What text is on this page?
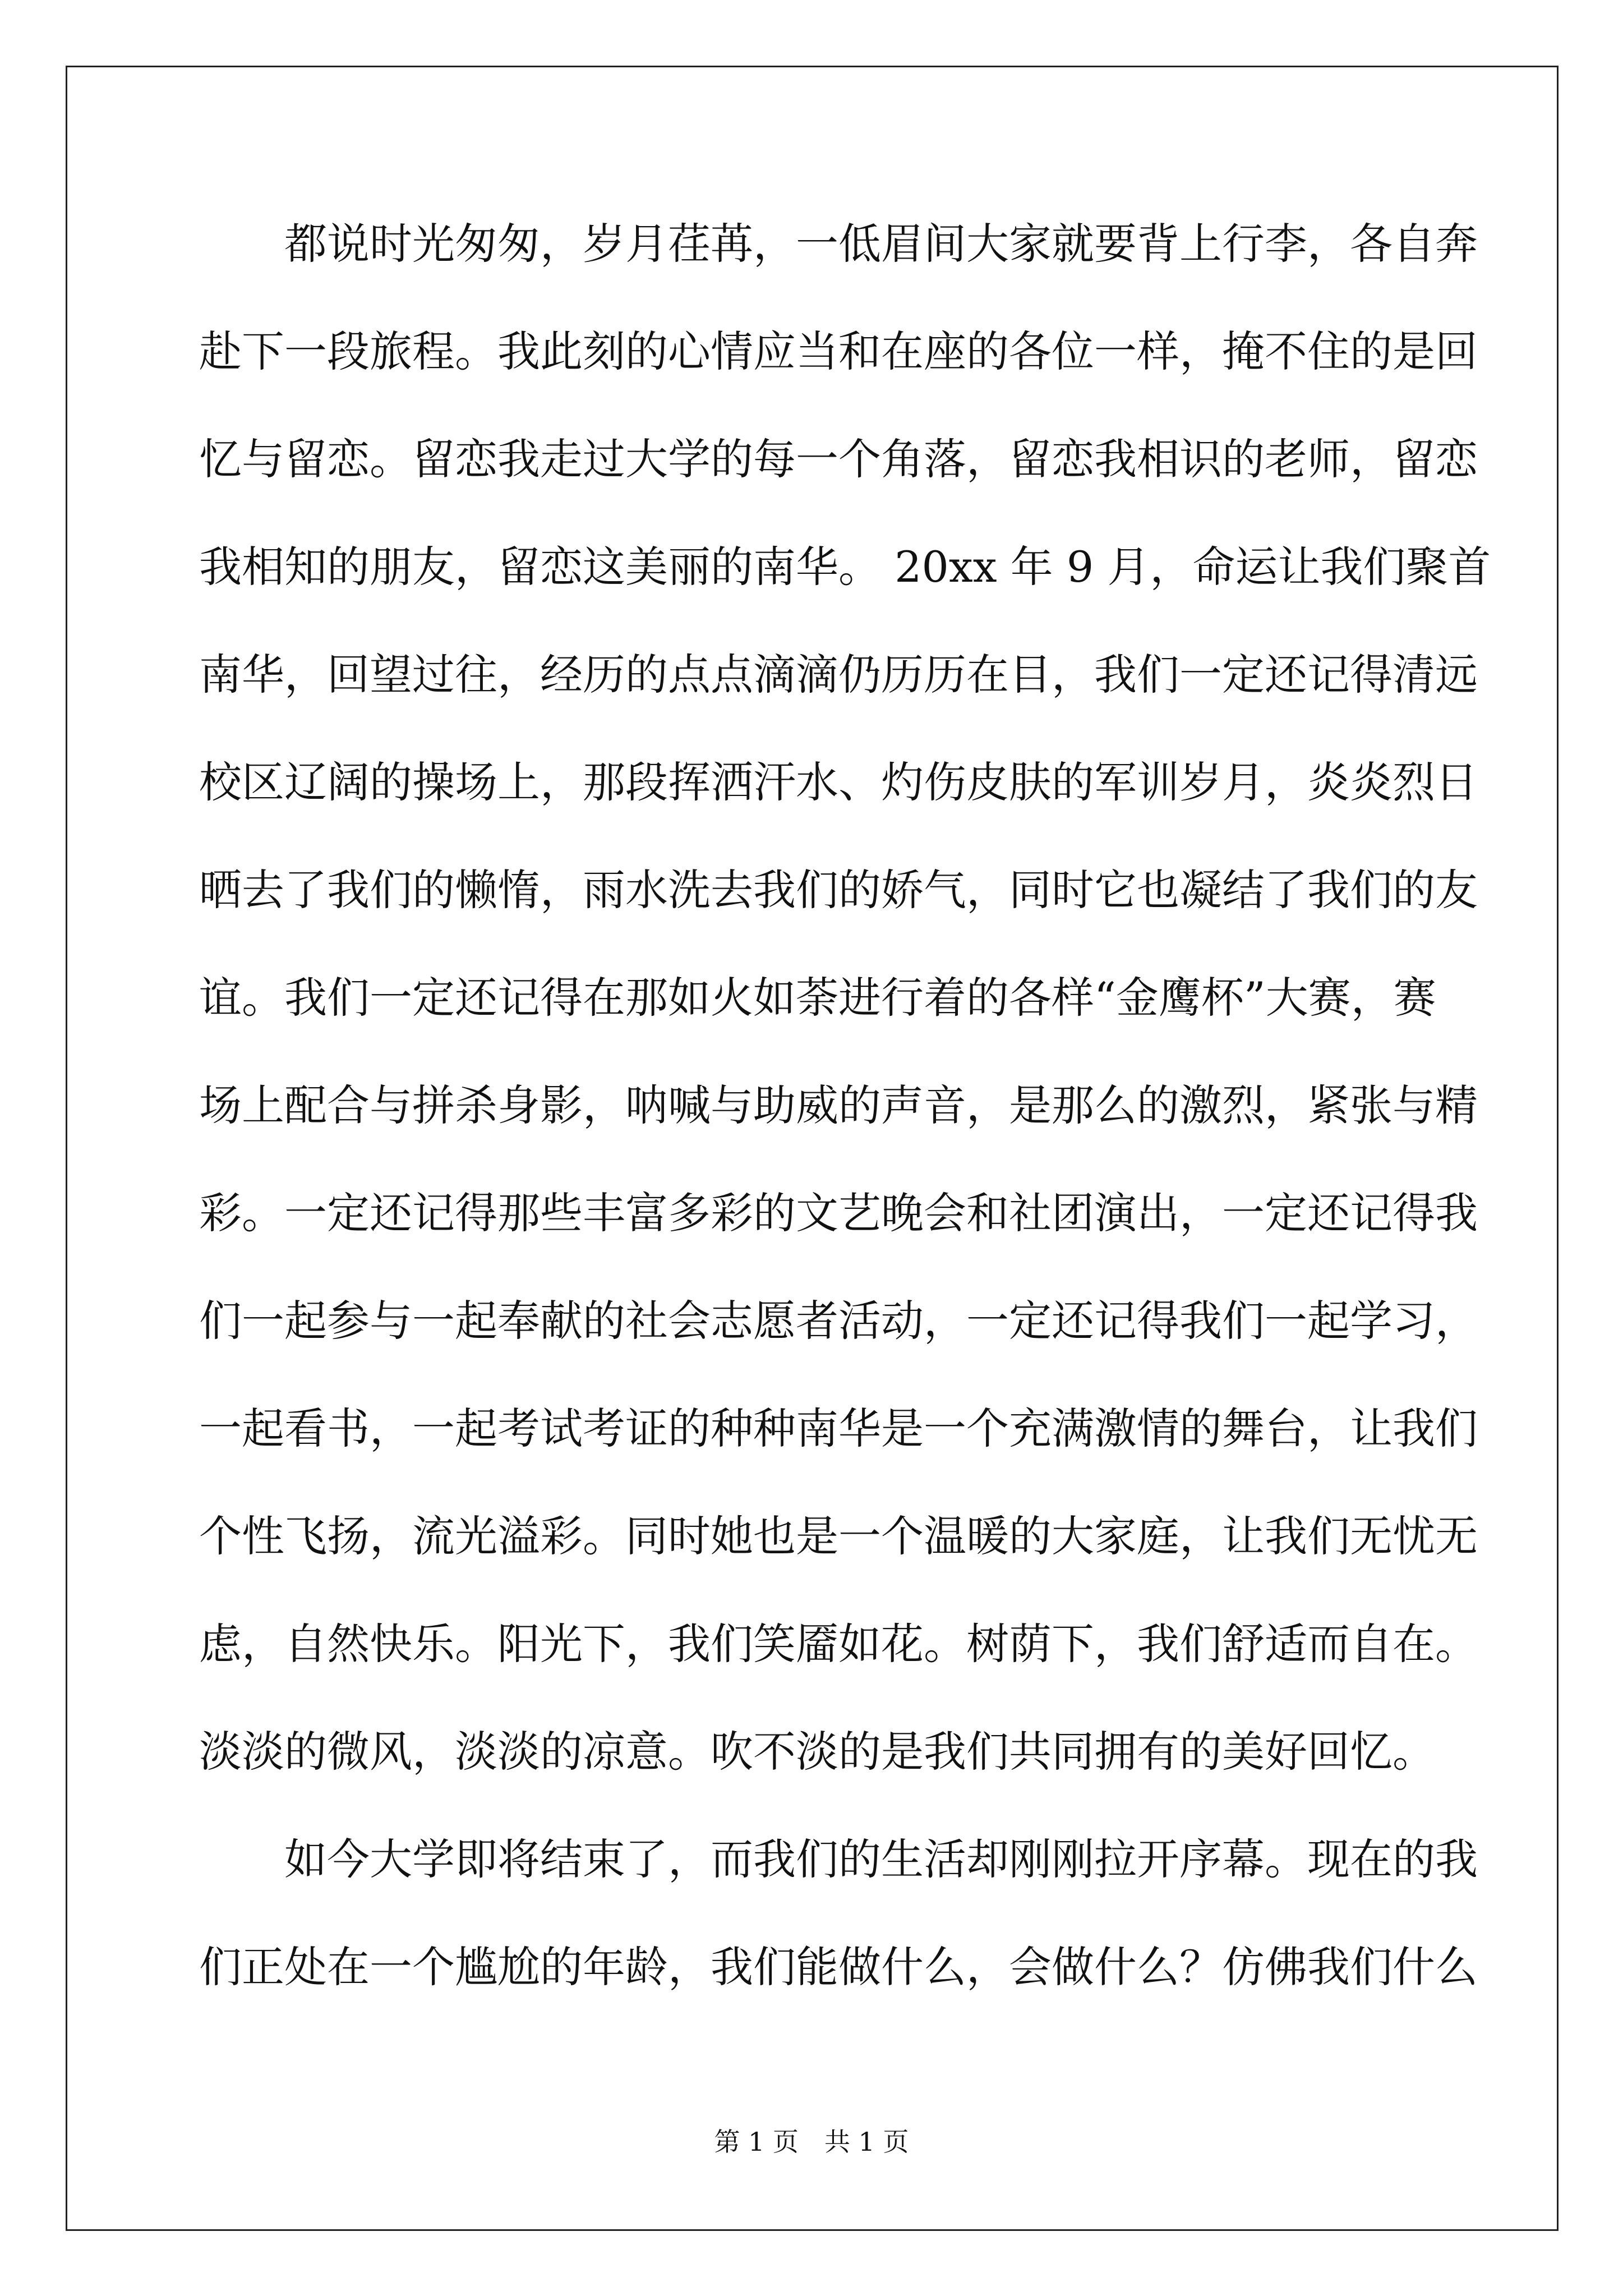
都说时光匆匆，岁月荏苒，一低眉间大家就要背上行李，各自奔
赴下一段旅程。我此刻的心情应当和在座的各位一样，掩不住的是回
忆与留恋。留恋我走过大学的每一个角落，留恋我相识的老师，留恋
我相知的朋友，留恋这美丽的南华。 20xx 年 9 月，命运让我们聚首
南华，回望过往，经历的点点滴滴仍历历在目，我们一定还记得清远
校区辽阔的操场上，那段挥洒汗水、灼伤皮肤的军训岁月，炎炎烈日
晒去了我们的懒惰，雨水洗去我们的娇气，同时它也凝结了我们的友
谊。我们一定还记得在那如火如荼进行着的各样“金鹰杯”大赛，赛
场上配合与拼杀身影，呐喊与助威的声音，是那么的激烈，紧张与精
彩。一定还记得那些丰富多彩的文艺晚会和社团演出，一定还记得我
们一起参与一起奉献的社会志愿者活动，一定还记得我们一起学习，
一起看书，一起考试考证的种种南华是一个充满激情的舞台，让我们
个性飞扬，流光溢彩。同时她也是一个温暖的大家庭，让我们无忧无
虑，自然快乐。阳光下，我们笑靥如花。树荫下，我们舒适而自在。
淡淡的微风，淡淡的凉意。吹不淡的是我们共同拥有的美好回忆。
如今大学即将结束了，而我们的生活却刚刚拉开序幕。现在的我
们正处在一个尴尬的年龄，我们能做什么，会做什么？仿佛我们什么
第 1 页 共 1 页
